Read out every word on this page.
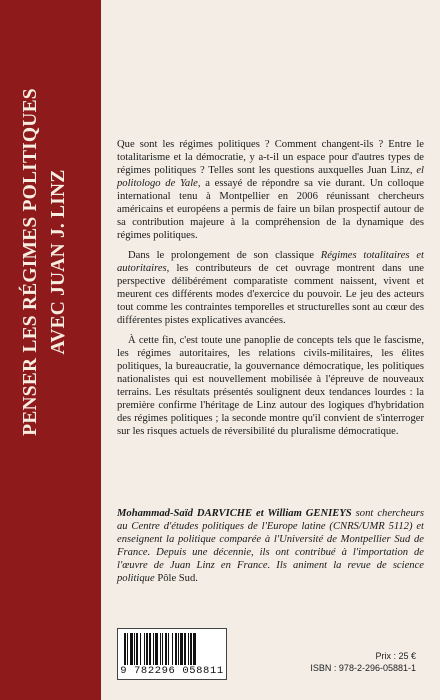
PENSER LES RÉGIMES POLITIQUES AVEC JUAN J. LINZ

Que sont les régimes politiques ? Comment changent-ils ? Entre le totalitarisme et la démocratie, y a-t-il un espace pour d'autres types de régimes politiques ? Telles sont les questions auxquelles Juan Linz, el politologo de Yale, a essayé de répondre sa vie durant. Un colloque international tenu à Montpellier en 2006 réunissant chercheurs américains et européens a permis de faire un bilan prospectif autour de sa contribution majeure à la compréhension de la dynamique des régimes politiques.

Dans le prolongement de son classique Régimes totalitaires et autoritaires, les contributeurs de cet ouvrage montrent dans une perspective délibérément comparatiste comment naissent, vivent et meurent ces différents modes d'exercice du pouvoir. Le jeu des acteurs tout comme les contraintes temporelles et structurelles sont au cœur des différentes pistes explicatives avancées.

À cette fin, c'est toute une panoplie de concepts tels que le fascisme, les régimes autoritaires, les relations civils-militaires, les élites politiques, la bureaucratie, la gouvernance démocratique, les politiques nationalistes qui est nouvellement mobilisée à l'épreuve de nouveaux terrains. Les résultats présentés soulignent deux tendances lourdes : la première confirme l'héritage de Linz autour des logiques d'hybridation des régimes politiques ; la seconde montre qu'il convient de s'interroger sur les risques actuels de réversibilité du pluralisme démocratique.

Mohammad-Saïd DARVICHE et William GENIEYS sont chercheurs au Centre d'études politiques de l'Europe latine (CNRS/UMR 5112) et enseignent la politique comparée à l'Université de Montpellier Sud de France. Depuis une décennie, ils ont contribué à l'importation de l'œuvre de Juan Linz en France. Ils animent la revue de science politique Pôle Sud.
9 782296 058811
Prix : 25 €
ISBN : 978-2-296-05881-1
